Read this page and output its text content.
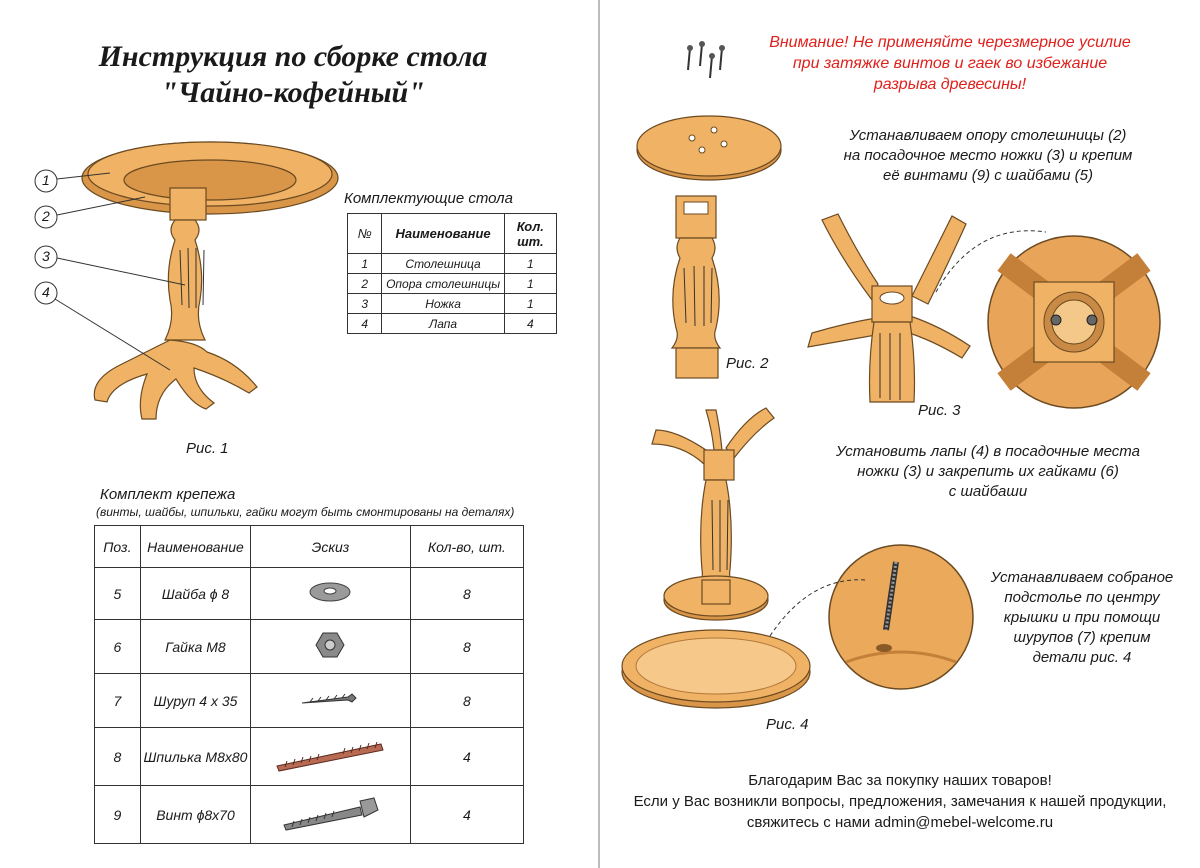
Инструкция по сборке стола
"Чайно-кофейный"
1
2
3
4
Рис. 1
Комплектующие стола
№	Наименование	Кол. шт.
1	Столешница	1
2	Опора столешницы	1
3	Ножка	1
4	Лапа	4
Комплект крепежа
(винты, шайбы, шпильки, гайки могут быть смонтированы на деталях)
Поз.	Наименование	Эскиз	Кол-во, шт.
5	Шайба ϕ 8		8
6	Гайка М8		8
7	Шуруп 4 х 35		8
8	Шпилька М8х80		4
9	Винт ϕ8х70		4
Внимание! Не применяйте черезмерное усилие
при затяжке винтов и гаек во избежание
разрыва древесины!
Рис. 2
Устанавливаем опору столешницы (2)
на посадочное место ножки (3) и крепим
её винтами (9) с шайбами (5)
Рис. 3
Установить лапы (4) в посадочные места
ножки (3) и закрепить их гайками (6)
с шайбаши
Рис. 4
Устанавливаем собраное
подстолье по центру
крышки и при помощи
шурупов (7) крепим
детали рис. 4
Благодарим Вас за покупку наших товаров!
Если у Вас возникли вопросы, предложения, замечания к нашей продукции,
свяжитесь с нами admin@mebel-welcome.ru
